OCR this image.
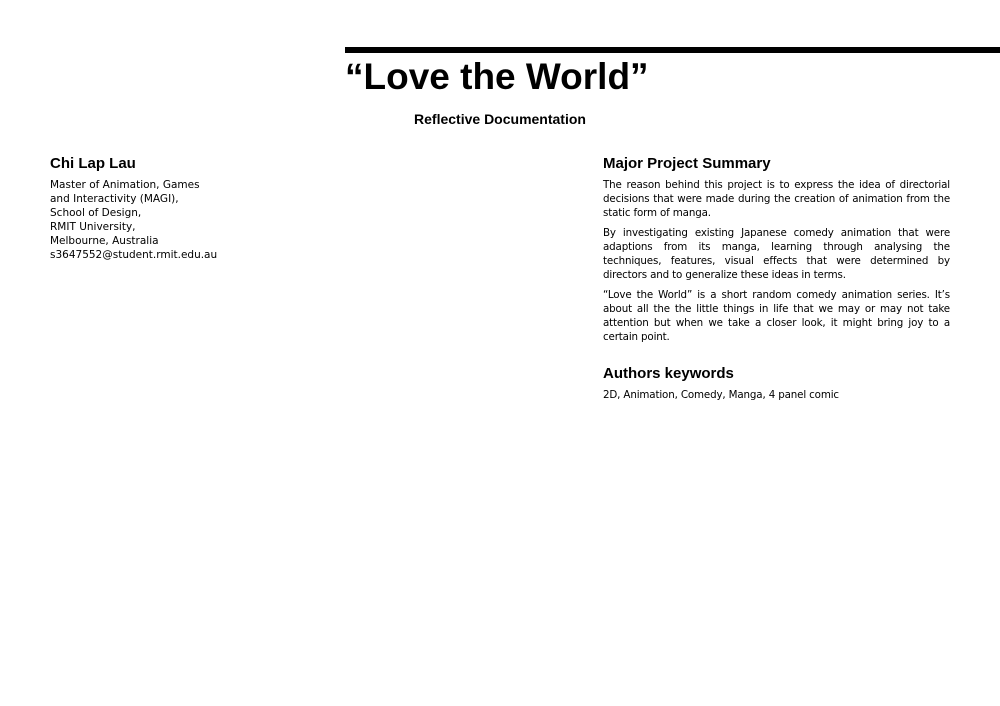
“Love the World”
Reflective Documentation
Chi Lap Lau
Master of Animation, Games
and Interactivity (MAGI),
School of Design,
RMIT University,
Melbourne, Australia
s3647552@student.rmit.edu.au
Major Project Summary

The reason behind this project is to express the idea of directorial decisions that were made during the creation of animation from the static form of manga.

By investigating existing Japanese comedy animation that were adaptions from its manga, learning through analysing the techniques, features, visual effects that were determined by directors and to generalize these ideas in terms.

“Love the World” is a short random comedy animation series. It’s about all the the little things in life that we may or may not take attention but when we take a closer look, it might bring joy to a certain point.

Authors keywords

2D, Animation, Comedy, Manga, 4 panel comic
